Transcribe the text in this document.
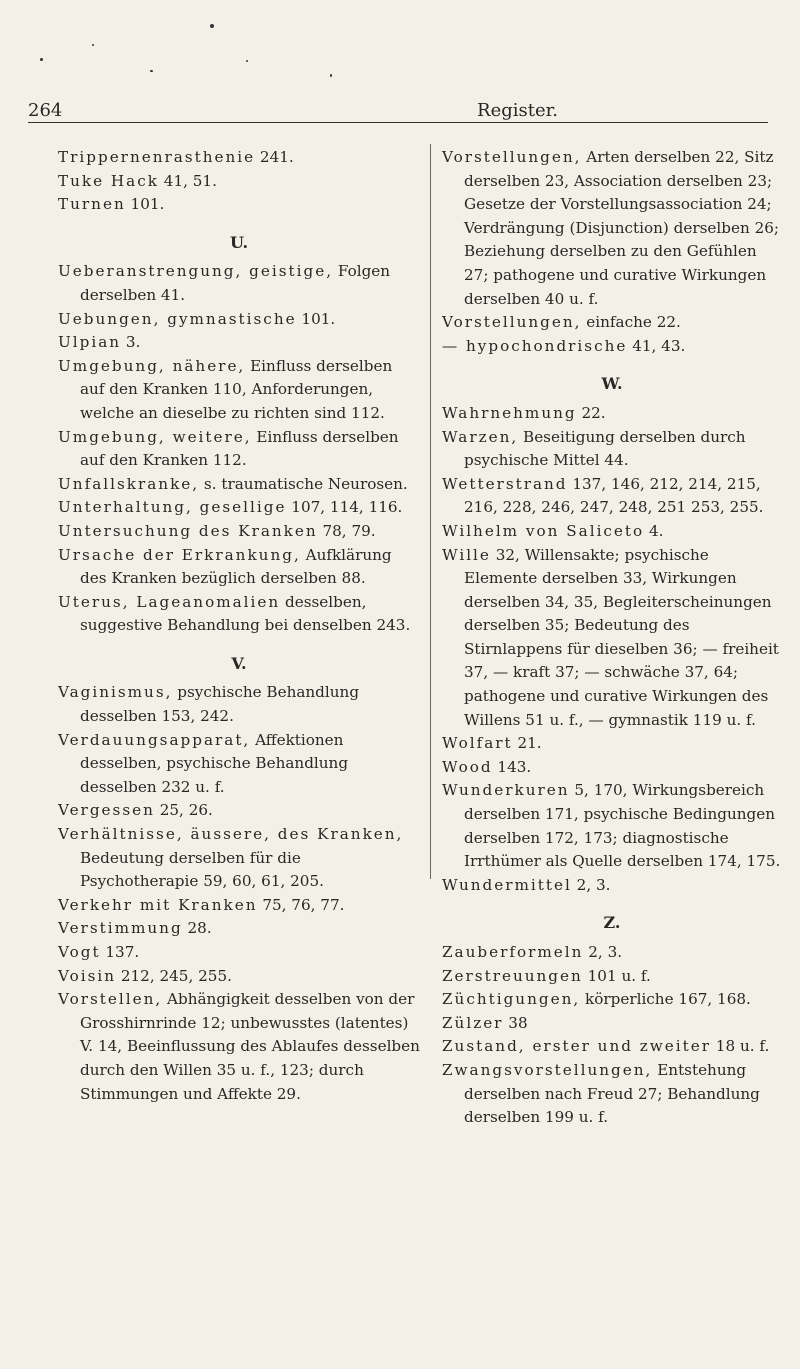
264	Register.

Trippernenrasthenie 241.

Tuke Hack 41, 51.

Turnen 101.

U.

Ueberanstrengung, geistige, Folgen derselben 41.

Uebungen, gymnastische 101.

Ulpian 3.

Umgebung, nähere, Einfluss derselben auf den Kranken 110, Anforderungen, welche an dieselbe zu richten sind 112.

Umgebung, weitere, Einfluss derselben auf den Kranken 112.

Unfallskranke, s. traumatische Neurosen.

Unterhaltung, gesellige 107, 114, 116.

Untersuchung des Kranken 78, 79.

Ursache der Erkrankung, Aufklärung des Kranken bezüglich derselben 88.

Uterus, Lageanomalien desselben, suggestive Behandlung bei denselben 243.

V.

Vaginismus, psychische Behandlung desselben 153, 242.

Verdauungsapparat, Affektionen desselben, psychische Behandlung desselben 232 u. f.

Vergessen 25, 26.

Verhältnisse, äussere, des Kranken, Bedeutung derselben für die Psychotherapie 59, 60, 61, 205.

Verkehr mit Kranken 75, 76, 77.

Verstimmung 28.

Vogt 137.

Voisin 212, 245, 255.

Vorstellen, Abhängigkeit desselben von der Grosshirnrinde 12; unbewusstes (latentes) V. 14, Beeinflussung des Ablaufes desselben durch den Willen 35 u. f., 123; durch Stimmungen und Affekte 29.

Vorstellungen, Arten derselben 22, Sitz derselben 23, Association derselben 23; Gesetze der Vorstellungsassociation 24; Verdrängung (Disjunction) derselben 26; Beziehung derselben zu den Gefühlen 27; pathogene und curative Wirkungen derselben 40 u. f.

Vorstellungen, einfache 22.

— hypochondrische 41, 43.

W.

Wahrnehmung 22.

Warzen, Beseitigung derselben durch psychische Mittel 44.

Wetterstrand 137, 146, 212, 214, 215, 216, 228, 246, 247, 248, 251 253, 255.

Wilhelm von Saliceto 4.

Wille 32, Willensakte; psychische Elemente derselben 33, Wirkungen derselben 34, 35, Begleiterscheinungen derselben 35; Bedeutung des Stirnlappens für dieselben 36; — freiheit 37, — kraft 37; — schwäche 37, 64; pathogene und curative Wirkungen des Willens 51 u. f., — gymnastik 119 u. f.

Wolfart 21.

Wood 143.

Wunderkuren 5, 170, Wirkungsbereich derselben 171, psychische Bedingungen derselben 172, 173; diagnostische Irrthümer als Quelle derselben 174, 175.

Wundermittel 2, 3.

Z.

Zauberformeln 2, 3.

Zerstreuungen 101 u. f.

Züchtigungen, körperliche 167, 168.

Zülzer 38

Zustand, erster und zweiter 18 u. f.

Zwangsvorstellungen, Entstehung derselben nach Freud 27; Behandlung derselben 199 u. f.
